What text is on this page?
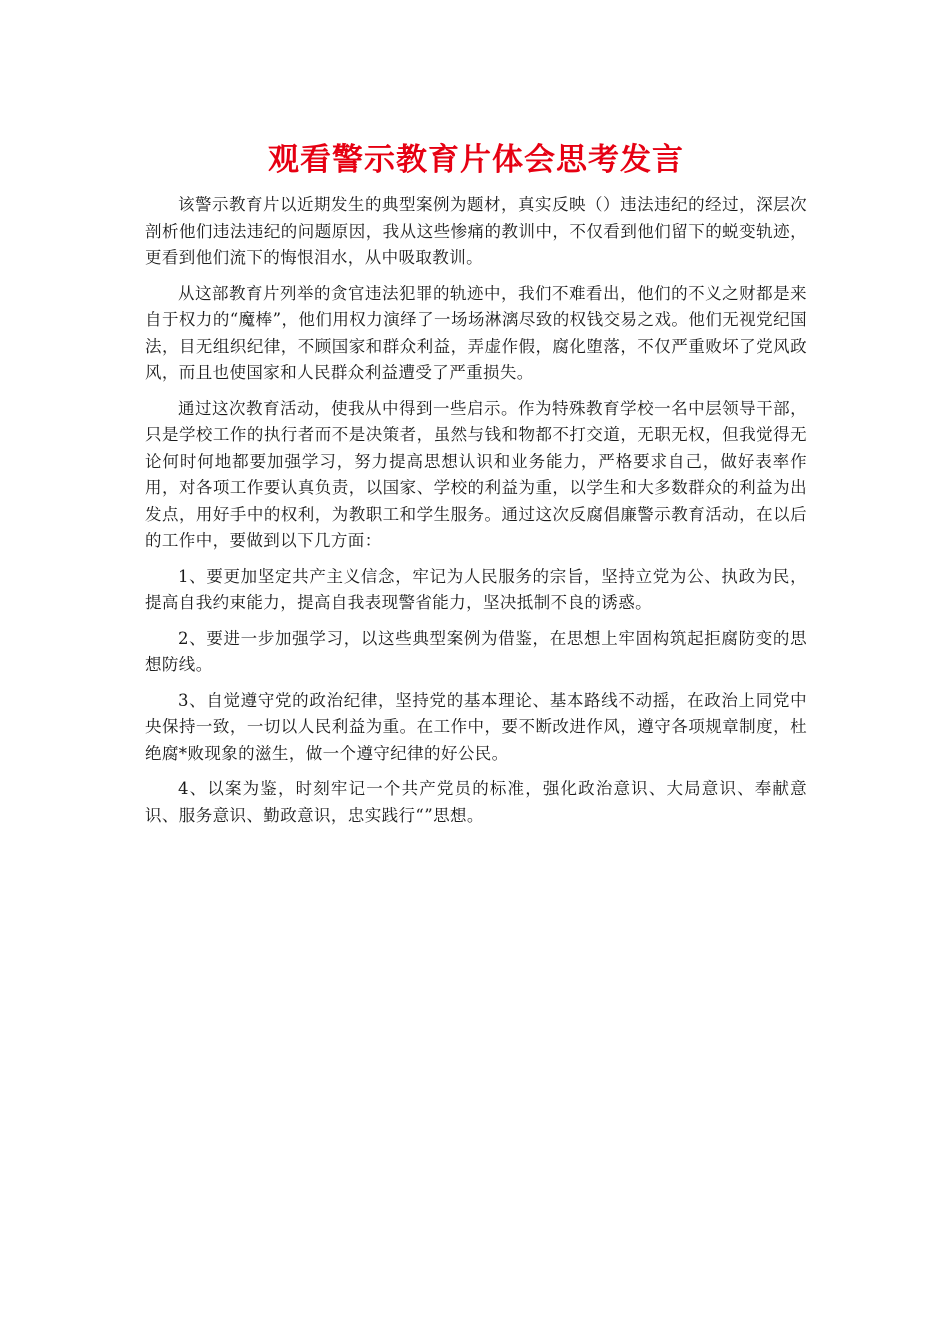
观看警示教育片体会思考发言

该警示教育片以近期发生的典型案例为题材，真实反映（）违法违纪的经过，深层次剖析他们违法违纪的问题原因，我从这些惨痛的教训中，不仅看到他们留下的蜕变轨迹，更看到他们流下的悔恨泪水，从中吸取教训。

从这部教育片列举的贪官违法犯罪的轨迹中，我们不难看出，他们的不义之财都是来自于权力的“魔棒”，他们用权力演绎了一场场淋漓尽致的权钱交易之戏。他们无视党纪国法，目无组织纪律，不顾国家和群众利益，弄虚作假，腐化堕落，不仅严重败坏了党风政风，而且也使国家和人民群众利益遭受了严重损失。

通过这次教育活动，使我从中得到一些启示。作为特殊教育学校一名中层领导干部，只是学校工作的执行者而不是决策者，虽然与钱和物都不打交道，无职无权，但我觉得无论何时何地都要加强学习，努力提高思想认识和业务能力，严格要求自己，做好表率作用，对各项工作要认真负责，以国家、学校的利益为重，以学生和大多数群众的利益为出发点，用好手中的权利，为教职工和学生服务。通过这次反腐倡廉警示教育活动，在以后的工作中，要做到以下几方面：

1、要更加坚定共产主义信念，牢记为人民服务的宗旨，坚持立党为公、执政为民，提高自我约束能力，提高自我表现警省能力，坚决抵制不良的诱惑。

2、要进一步加强学习，以这些典型案例为借鉴，在思想上牢固构筑起拒腐防变的思想防线。

3、自觉遵守党的政治纪律，坚持党的基本理论、基本路线不动摇，在政治上同党中央保持一致，一切以人民利益为重。在工作中，要不断改进作风，遵守各项规章制度，杜绝腐*败现象的滋生，做一个遵守纪律的好公民。

4、以案为鉴，时刻牢记一个共产党员的标准，强化政治意识、大局意识、奉献意识、服务意识、勤政意识，忠实践行“”思想。
